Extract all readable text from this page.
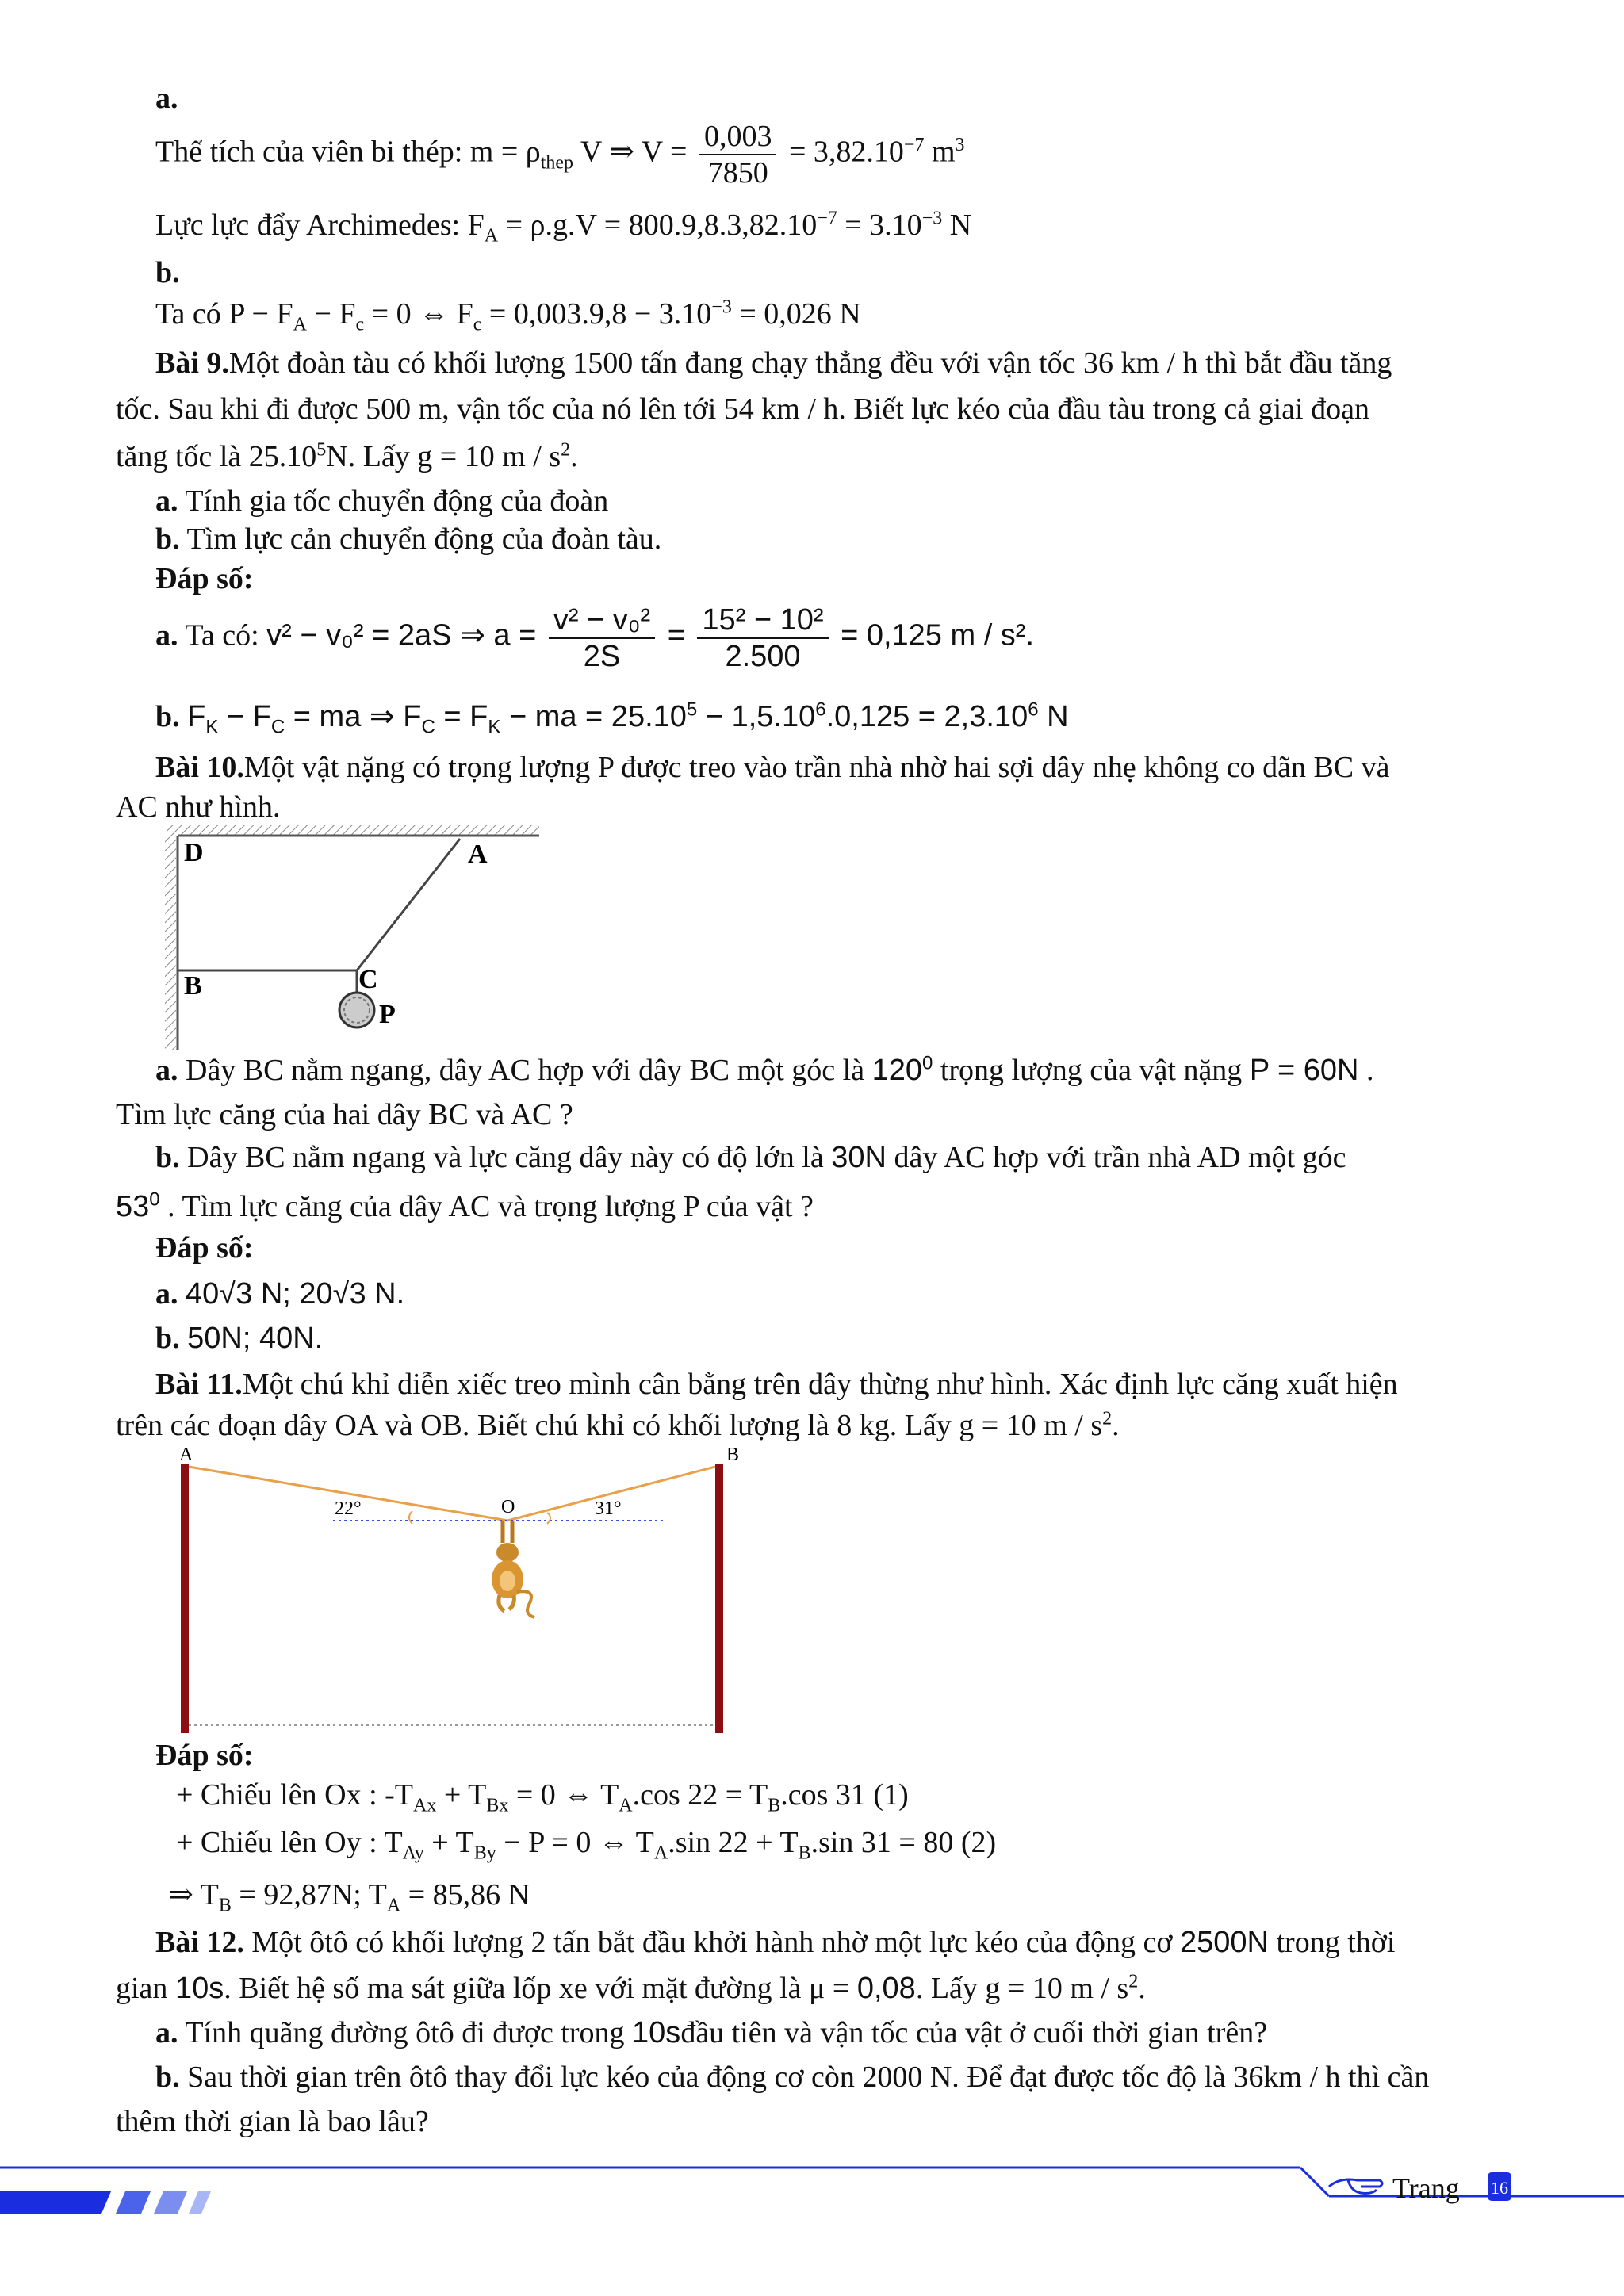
a.
Thể tích của viên bi thép: $m = \rho_{thep}$ V ⇒ $V = \frac{0,003}{7850} = 3,82.10^{-7}$ $m^3$
Lực lực đẩy Archimedes: $F_A = \rho.g.V = 800.9,8.3,82.10^{-7} = 3.10^{-3}$ N
b.
Ta có $P - F_A - F_c = 0$ ⇔ $F_c = 0,003.9,8 - 3.10^{-3} = 0,026$ N
Bài 9.Một đoàn tàu có khối lượng 1500 tấn đang chạy thẳng đều với vận tốc 36 km / h thì bắt đầu tăng
tốc. Sau khi đi được 500 m, vận tốc của nó lên tới 54 km / h. Biết lực kéo của đầu tàu trong cả giai đoạn
tăng tốc là 25.10$^5$N. Lấy g = 10 m / $s^2$.
a. Tính gia tốc chuyển động của đoàn
b. Tìm lực cản chuyển động của đoàn tàu.
Đáp số:
a. Ta có: v² − v₀² = 2aS ⇒ $a = \frac{\text{v² − v₀²}}{2S} = \frac{\text{15² − 10²}}{2.500} = 0,125$ m / s².
b. $F_K - F_C$ = ma ⇒ $F_C = F_K$ − ma = $25.10^5 - 1,5.10^6.0,125 = 2,3.10^6$ N
Bài 10.Một vật nặng có trọng lượng P được treo vào trần nhà nhờ hai sợi dây nhẹ không co dãn BC và
AC như hình.
D	A
B	C
P
a. Dây BC nằm ngang, dây AC hợp với dây BC một góc là $120^0$ trọng lượng của vật nặng P = 60N .
Tìm lực căng của hai dây BC và AC ?
b. Dây BC nằm ngang và lực căng dây này có độ lớn là 30N dây AC hợp với trần nhà AD một góc
$53^0$ . Tìm lực căng của dây AC và trọng lượng P của vật ?
Đáp số:
a. 40√3 N; 20√3 N.
b. 50N; 40N.
Bài 11.Một chú khỉ diễn xiếc treo mình cân bằng trên dây thừng như hình. Xác định lực căng xuất hiện
trên các đoạn dây OA và OB. Biết chú khỉ có khối lượng là 8 kg. Lấy g = 10 m / $s^2$.
A	B
O
22°	31°
Đáp số:
+ Chiếu lên Ox : $-T_{Ax} + T_{Bx} = 0$ ⇔ $T_A.\cos$ $22 = T_B.\cos$ 31 (1)
+ Chiếu lên Oy : $T_{Ay} + T_{By} - P = 0$ ⇔ $T_A.\sin$ $22 + T_B.\sin$ 31 = 80 (2)
⇒ $T_B = 92,87N$; $T_A = 85,86$ N
Bài 12. Một ôtô có khối lượng 2 tấn bắt đầu khởi hành nhờ một lực kéo của động cơ 2500N trong thời
gian 10s. Biết hệ số ma sát giữa lốp xe với mặt đường là μ = 0,08. Lấy g = 10 m / $s^2$.
a. Tính quãng đường ôtô đi được trong 10sđầu tiên và vận tốc của vật ở cuối thời gian trên?
b. Sau thời gian trên ôtô thay đổi lực kéo của động cơ còn 2000 N. Để đạt được tốc độ là 36km / h thì cần
thêm thời gian là bao lâu?
Trang 16
